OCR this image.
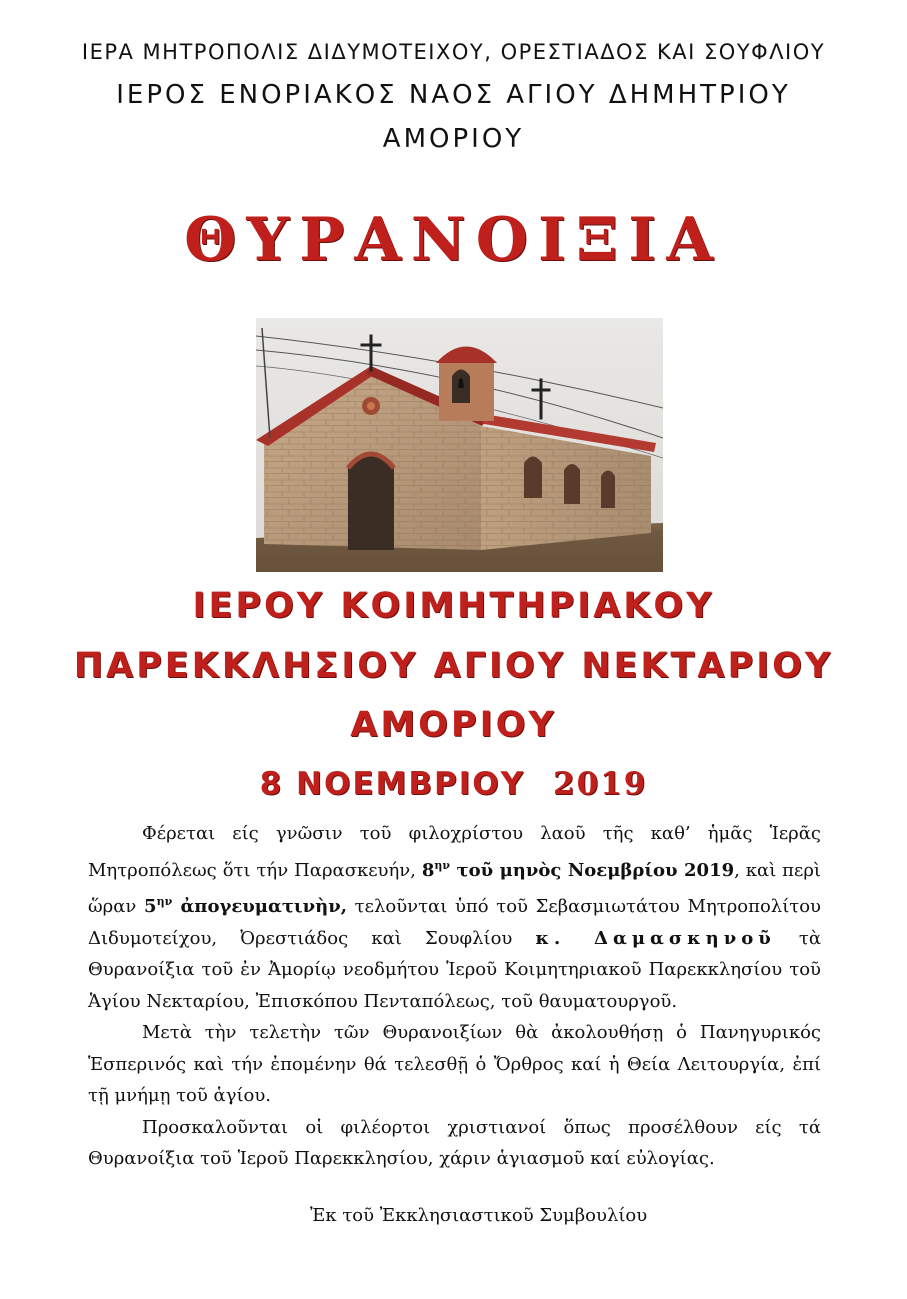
ΙΕΡΑ ΜΗΤΡΟΠΟΛΙΣ ΔΙΔΥΜΟΤΕΙΧΟΥ, ΟΡΕΣΤΙΑΔΟΣ ΚΑΙ ΣΟΥΦΛΙΟΥ
ΙΕΡΟΣ ΕΝΟΡΙΑΚΟΣ ΝΑΟΣ ΑΓΙΟΥ ΔΗΜΗΤΡΙΟΥ
ΑΜΟΡΙΟΥ
ΘΥΡΑΝΟΙΞΙΑ
ΙΕΡΟΥ ΚΟΙΜΗΤΗΡΙΑΚΟΥ
ΠΑΡΕΚΚΛΗΣΙΟΥ ΑΓΙΟΥ ΝΕΚΤΑΡΙΟΥ
ΑΜΟΡΙΟΥ
8 ΝΟΕΜΒΡΙΟΥ 2019

Φέρεται είς γνῶσιν τοῦ φιλοχρίστου λαοῦ τῆς καθ’ ἡμᾶς Ἱερᾶς Μητροπόλεως ὅτι τήν Παρασκευήν, $8^{\eta\nu}$ τοῦ μηνὸς Νοεμβρίου 2019, καὶ περὶ ὥραν $5^{\eta\nu}$ ἀπογευματινὴν, τελοῦνται ὑπό τοῦ Σεβασμιωτάτου Μητροπολίτου Διδυμοτείχου, Ὀρεστιάδος καὶ Σουφλίου κ. Δαμασκηνοῦ τὰ Θυρανοίξια τοῦ ἐν Ἀμορίῳ νεοδμήτου Ἱεροῦ Κοιμητηριακοῦ Παρεκκλησίου τοῦ Ἁγίου Νεκταρίου, Ἐπισκόπου Πενταπόλεως, τοῦ θαυματουργοῦ.

Μετὰ τὴν τελετὴν τῶν Θυρανοιξίων θὰ ἀκολουθήσῃ ὁ Πανηγυρικός Ἑσπερινός καὶ τήν ἐπομένην θά τελεσθῇ ὁ Ὄρθρος καί ἡ Θεία Λειτουργία, ἐπί τῇ μνήμῃ τοῦ ἁγίου.

Προσκαλοῦνται οἱ φιλέορτοι χριστιανοί ὅπως προσέλθουν είς τά Θυρανοίξια τοῦ Ἱεροῦ Παρεκκλησίου, χάριν ἁγιασμοῦ καί εὐλογίας.

Ἐκ τοῦ Ἐκκλησιαστικοῦ Συμβουλίου
